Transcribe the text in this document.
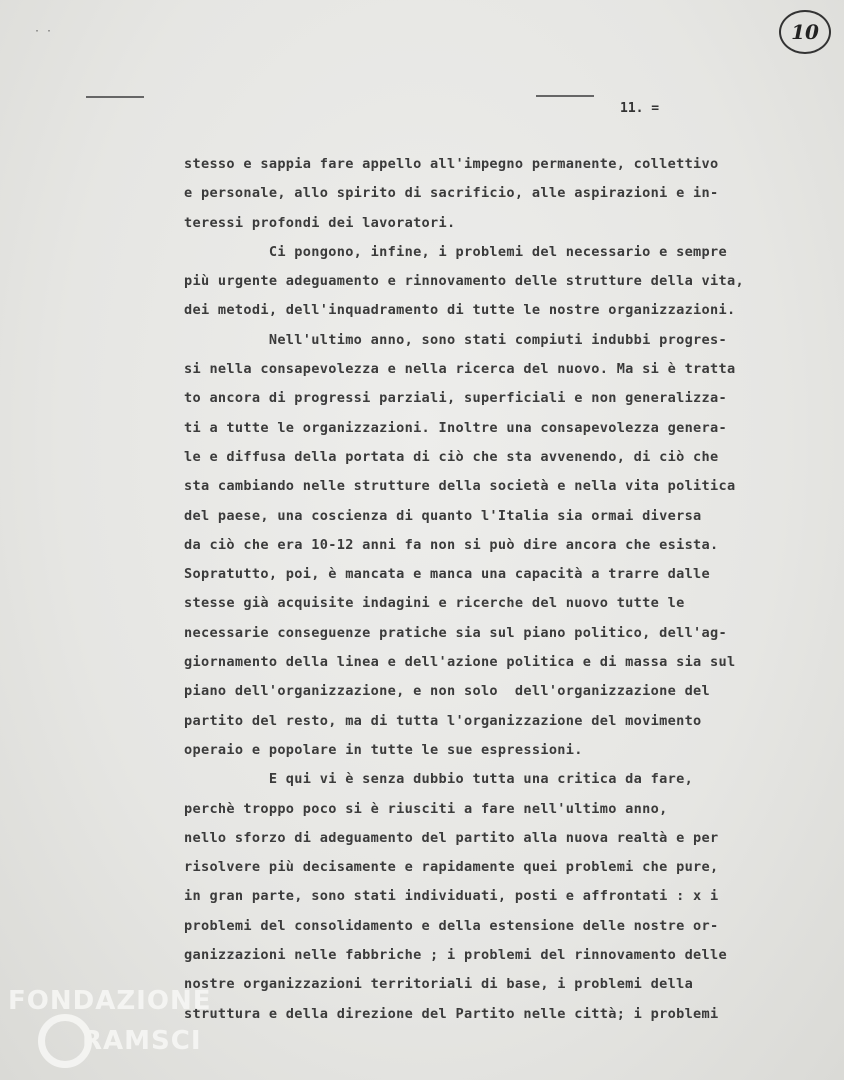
· ·	10
11. =
stesso e sappia fare appello all'impegno permanente, collettivo
e personale, allo spirito di sacrificio, alle aspirazioni e in-
teressi profondi dei lavoratori.
Ci pongono, infine, i problemi del necessario e sempre
più urgente adeguamento e rinnovamento delle strutture della vita,
dei metodi, dell'inquadramento di tutte le nostre organizzazioni.
Nell'ultimo anno, sono stati compiuti indubbi progres-
si nella consapevolezza e nella ricerca del nuovo. Ma si è tratta
to ancora di progressi parziali, superficiali e non generalizza-
ti a tutte le organizzazioni. Inoltre una consapevolezza genera-
le e diffusa della portata di ciò che sta avvenendo, di ciò che
sta cambiando nelle strutture della società e nella vita politica
del paese, una coscienza di quanto l'Italia sia ormai diversa
da ciò che era 10-12 anni fa non si può dire ancora che esista.
Sopratutto, poi, è mancata e manca una capacità a trarre dalle
stesse già acquisite indagini e ricerche del nuovo tutte le
necessarie conseguenze pratiche sia sul piano politico, dell'ag-
giornamento della linea e dell'azione politica e di massa sia sul
piano dell'organizzazione, e non solo  dell'organizzazione del
partito del resto, ma di tutta l'organizzazione del movimento
operaio e popolare in tutte le sue espressioni.
E qui vi è senza dubbio tutta una critica da fare,
perchè troppo poco si è riusciti a fare nell'ultimo anno,
nello sforzo di adeguamento del partito alla nuova realtà e per
risolvere più decisamente e rapidamente quei problemi che pure,
in gran parte, sono stati individuati, posti e affrontati : x i
problemi del consolidamento e della estensione delle nostre or-
ganizzazioni nelle fabbriche ; i problemi del rinnovamento delle
nostre organizzazioni territoriali di base, i problemi della
struttura e della direzione del Partito nelle città; i problemi
FONDAZIONE
RAMSCI
